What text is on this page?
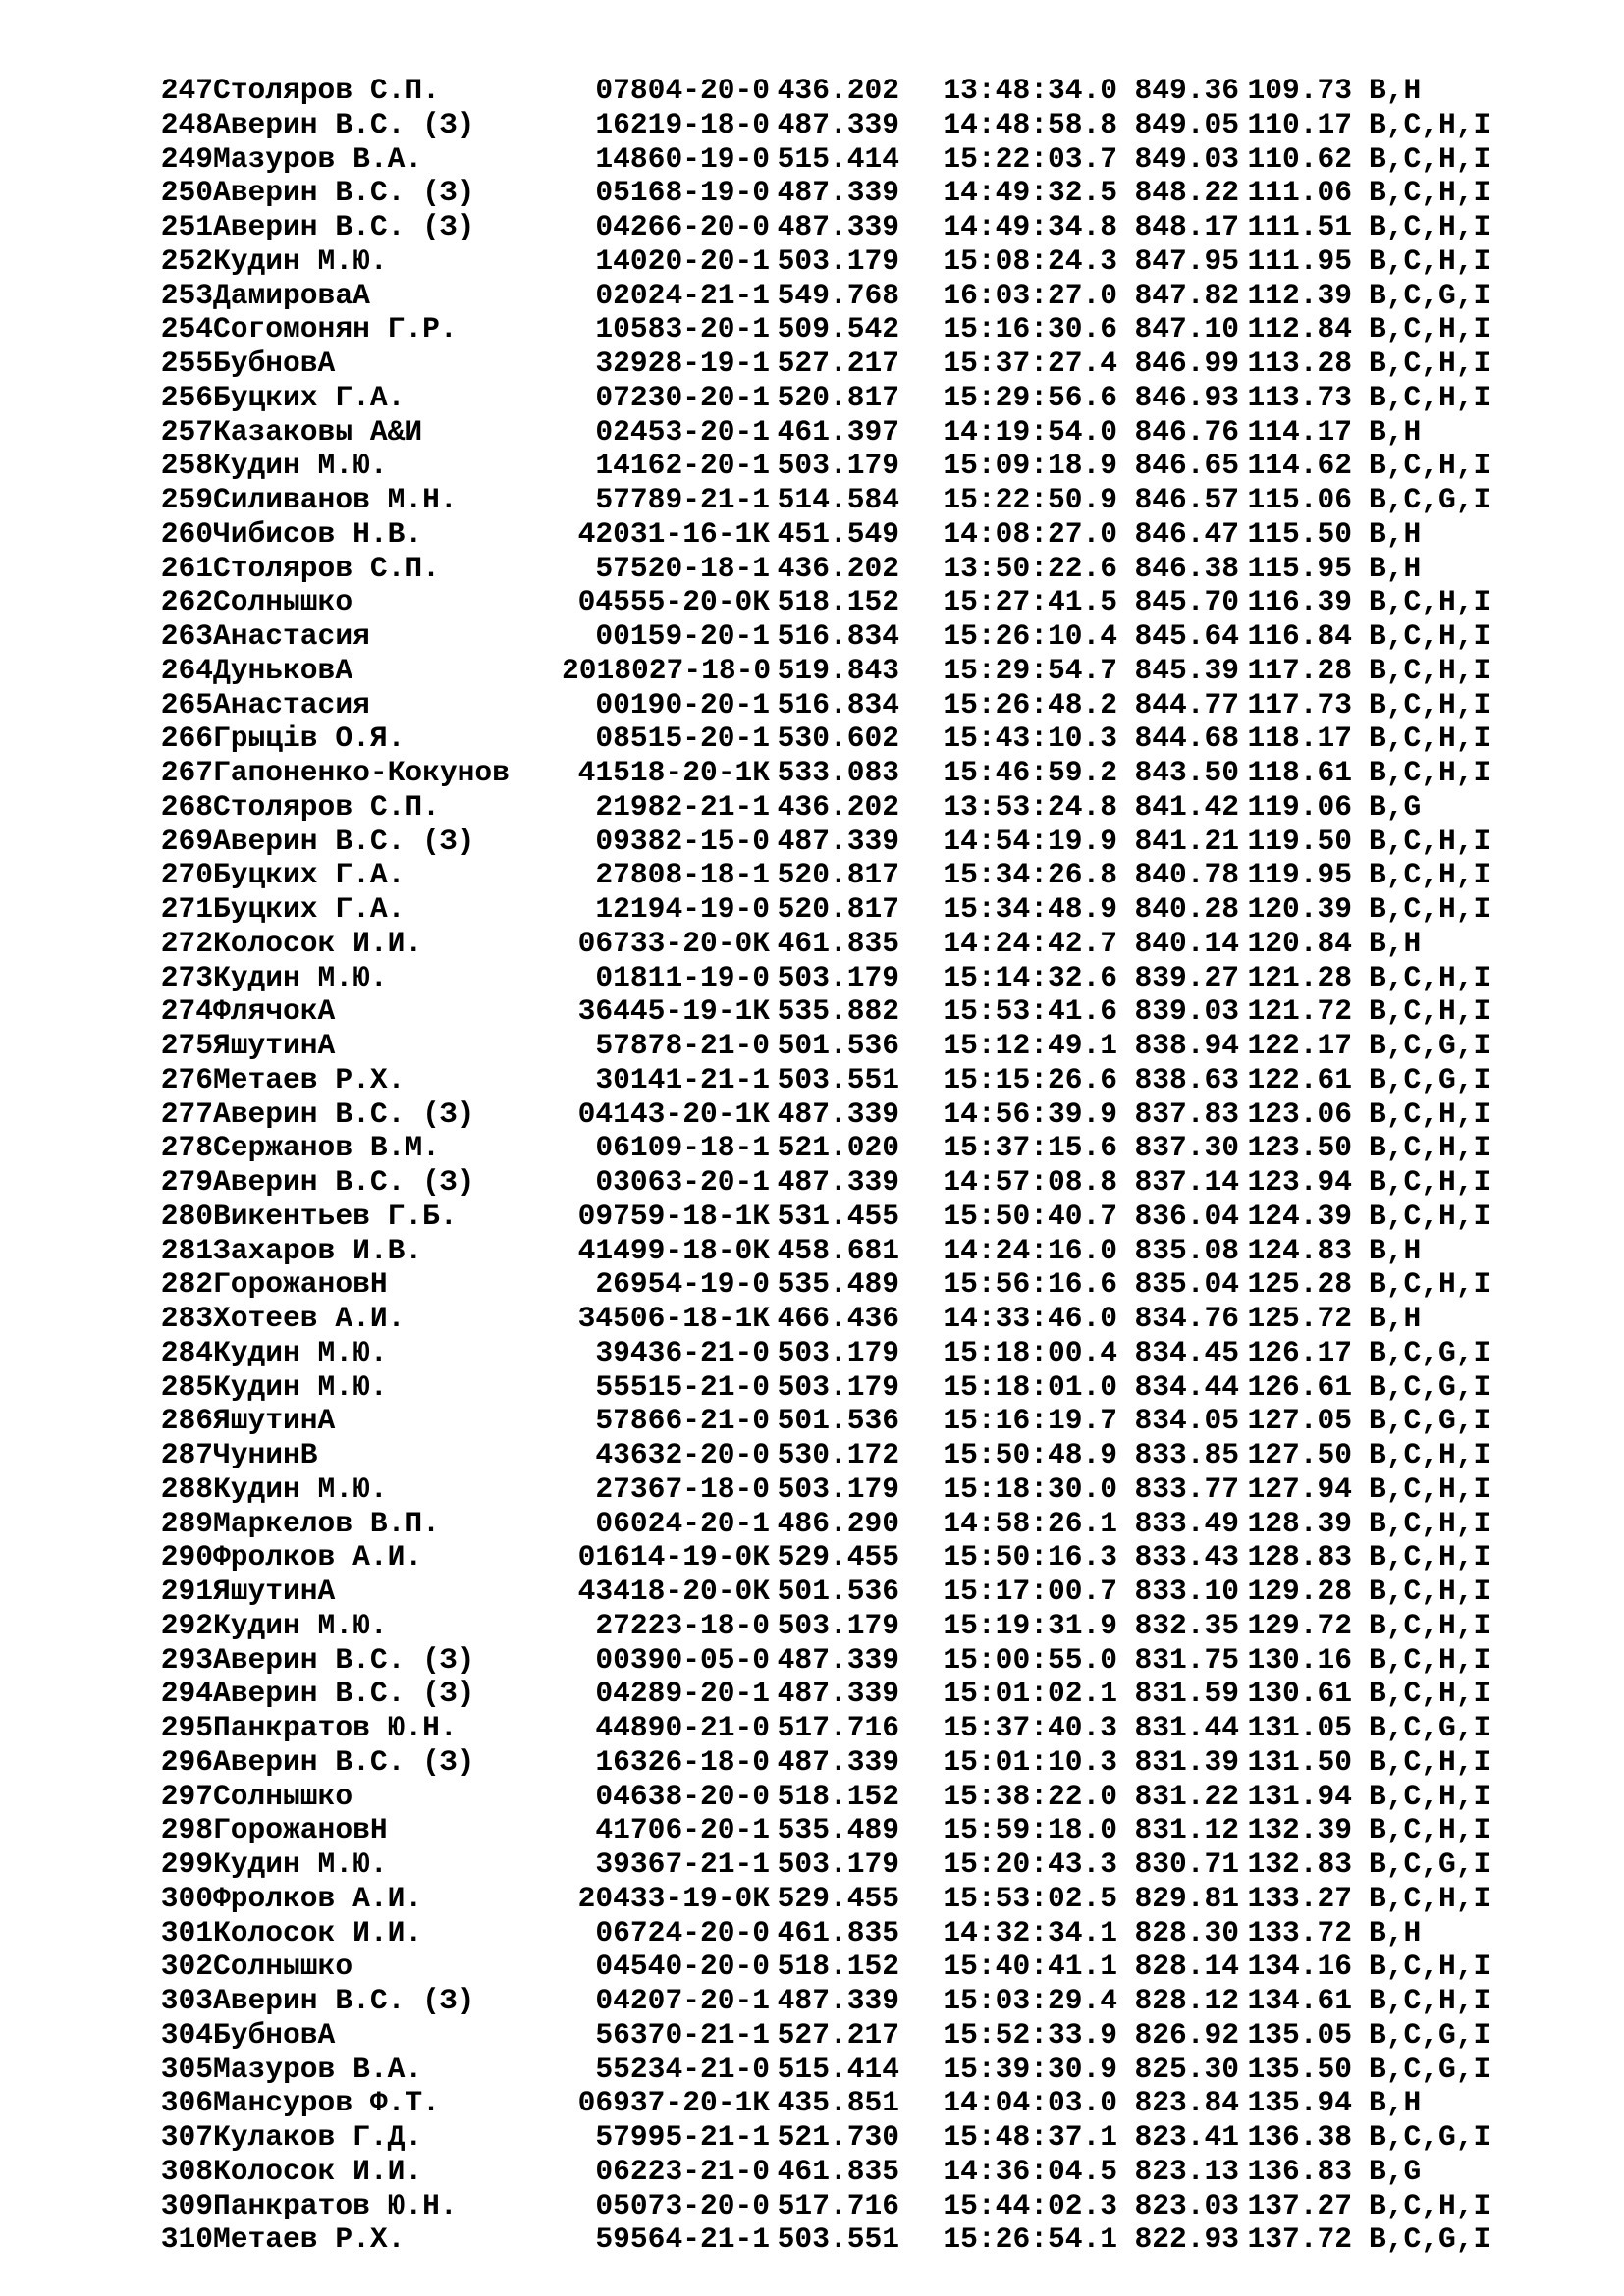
247 Столяров С.П.	07804-20-0 436.202	13:48:34.0 849.36 109.73 B,H
248 Аверин В.С. (З)	16219-18-0 487.339	14:48:58.8 849.05 110.17 B,C,H,I
249 Мазуров В.А.	14860-19-0 515.414	15:22:03.7 849.03 110.62 B,C,H,I
250 Аверин В.С. (З)	05168-19-0 487.339	14:49:32.5 848.22 111.06 B,C,H,I
251 Аверин В.С. (З)	04266-20-0 487.339	14:49:34.8 848.17 111.51 B,C,H,I
252 Кудин М.Ю.	14020-20-1 503.179	15:08:24.3 847.95 111.95 B,C,H,I
253 ДамироваА	02024-21-1 549.768	16:03:27.0 847.82 112.39 B,C,G,I
254 Согомонян Г.Р.	10583-20-1 509.542	15:16:30.6 847.10 112.84 B,C,H,I
255 БубновА	32928-19-1 527.217	15:37:27.4 846.99 113.28 B,C,H,I
256 Буцких Г.А.	07230-20-1 520.817	15:29:56.6 846.93 113.73 B,C,H,I
257 Казаковы А&И	02453-20-1 461.397	14:19:54.0 846.76 114.17 B,H
258 Кудин М.Ю.	14162-20-1 503.179	15:09:18.9 846.65 114.62 B,C,H,I
259 Силиванов М.Н.	57789-21-1 514.584	15:22:50.9 846.57 115.06 B,C,G,I
260 Чибисов Н.В.	42031-16-1К 451.549	14:08:27.0 846.47 115.50 B,H
261 Столяров С.П.	57520-18-1 436.202	13:50:22.6 846.38 115.95 B,H
262 Солнышко	04555-20-0К 518.152	15:27:41.5 845.70 116.39 B,C,H,I
263 Анастасия	00159-20-1 516.834	15:26:10.4 845.64 116.84 B,C,H,I
264 ДуньковА	2018027-18-0 519.843	15:29:54.7 845.39 117.28 B,C,H,I
265 Анастасия	00190-20-1 516.834	15:26:48.2 844.77 117.73 B,C,H,I
266 Грыців О.Я.	08515-20-1 530.602	15:43:10.3 844.68 118.17 B,C,H,I
267 Гапоненко-Кокунов	41518-20-1К 533.083	15:46:59.2 843.50 118.61 B,C,H,I
268 Столяров С.П.	21982-21-1 436.202	13:53:24.8 841.42 119.06 B,G
269 Аверин В.С. (З)	09382-15-0 487.339	14:54:19.9 841.21 119.50 B,C,H,I
270 Буцких Г.А.	27808-18-1 520.817	15:34:26.8 840.78 119.95 B,C,H,I
271 Буцких Г.А.	12194-19-0 520.817	15:34:48.9 840.28 120.39 B,C,H,I
272 Колосок И.И.	06733-20-0К 461.835	14:24:42.7 840.14 120.84 B,H
273 Кудин М.Ю.	01811-19-0 503.179	15:14:32.6 839.27 121.28 B,C,H,I
274 ФлячокА	36445-19-1К 535.882	15:53:41.6 839.03 121.72 B,C,H,I
275 ЯшутинА	57878-21-0 501.536	15:12:49.1 838.94 122.17 B,C,G,I
276 Метаев Р.Х.	30141-21-1 503.551	15:15:26.6 838.63 122.61 B,C,G,I
277 Аверин В.С. (З)	04143-20-1К 487.339	14:56:39.9 837.83 123.06 B,C,H,I
278 Сержанов В.М.	06109-18-1 521.020	15:37:15.6 837.30 123.50 B,C,H,I
279 Аверин В.С. (З)	03063-20-1 487.339	14:57:08.8 837.14 123.94 B,C,H,I
280 Викентьев Г.Б.	09759-18-1К 531.455	15:50:40.7 836.04 124.39 B,C,H,I
281 Захаров И.В.	41499-18-0К 458.681	14:24:16.0 835.08 124.83 B,H
282 ГорожановН	26954-19-0 535.489	15:56:16.6 835.04 125.28 B,C,H,I
283 Хотеев А.И.	34506-18-1К 466.436	14:33:46.0 834.76 125.72 B,H
284 Кудин М.Ю.	39436-21-0 503.179	15:18:00.4 834.45 126.17 B,C,G,I
285 Кудин М.Ю.	55515-21-0 503.179	15:18:01.0 834.44 126.61 B,C,G,I
286 ЯшутинА	57866-21-0 501.536	15:16:19.7 834.05 127.05 B,C,G,I
287 ЧунинВ	43632-20-0 530.172	15:50:48.9 833.85 127.50 B,C,H,I
288 Кудин М.Ю.	27367-18-0 503.179	15:18:30.0 833.77 127.94 B,C,H,I
289 Маркелов В.П.	06024-20-1 486.290	14:58:26.1 833.49 128.39 B,C,H,I
290 Фролков А.И.	01614-19-0К 529.455	15:50:16.3 833.43 128.83 B,C,H,I
291 ЯшутинА	43418-20-0К 501.536	15:17:00.7 833.10 129.28 B,C,H,I
292 Кудин М.Ю.	27223-18-0 503.179	15:19:31.9 832.35 129.72 B,C,H,I
293 Аверин В.С. (З)	00390-05-0 487.339	15:00:55.0 831.75 130.16 B,C,H,I
294 Аверин В.С. (З)	04289-20-1 487.339	15:01:02.1 831.59 130.61 B,C,H,I
295 Панкратов Ю.Н.	44890-21-0 517.716	15:37:40.3 831.44 131.05 B,C,G,I
296 Аверин В.С. (З)	16326-18-0 487.339	15:01:10.3 831.39 131.50 B,C,H,I
297 Солнышко	04638-20-0 518.152	15:38:22.0 831.22 131.94 B,C,H,I
298 ГорожановН	41706-20-1 535.489	15:59:18.0 831.12 132.39 B,C,H,I
299 Кудин М.Ю.	39367-21-1 503.179	15:20:43.3 830.71 132.83 B,C,G,I
300 Фролков А.И.	20433-19-0К 529.455	15:53:02.5 829.81 133.27 B,C,H,I
301 Колосок И.И.	06724-20-0 461.835	14:32:34.1 828.30 133.72 B,H
302 Солнышко	04540-20-0 518.152	15:40:41.1 828.14 134.16 B,C,H,I
303 Аверин В.С. (З)	04207-20-1 487.339	15:03:29.4 828.12 134.61 B,C,H,I
304 БубновА	56370-21-1 527.217	15:52:33.9 826.92 135.05 B,C,G,I
305 Мазуров В.А.	55234-21-0 515.414	15:39:30.9 825.30 135.50 B,C,G,I
306 Мансуров Ф.Т.	06937-20-1К 435.851	14:04:03.0 823.84 135.94 B,H
307 Кулаков Г.Д.	57995-21-1 521.730	15:48:37.1 823.41 136.38 B,C,G,I
308 Колосок И.И.	06223-21-0 461.835	14:36:04.5 823.13 136.83 B,G
309 Панкратов Ю.Н.	05073-20-0 517.716	15:44:02.3 823.03 137.27 B,C,H,I
310 Метаев Р.Х.	59564-21-1 503.551	15:26:54.1 822.93 137.72 B,C,G,I
